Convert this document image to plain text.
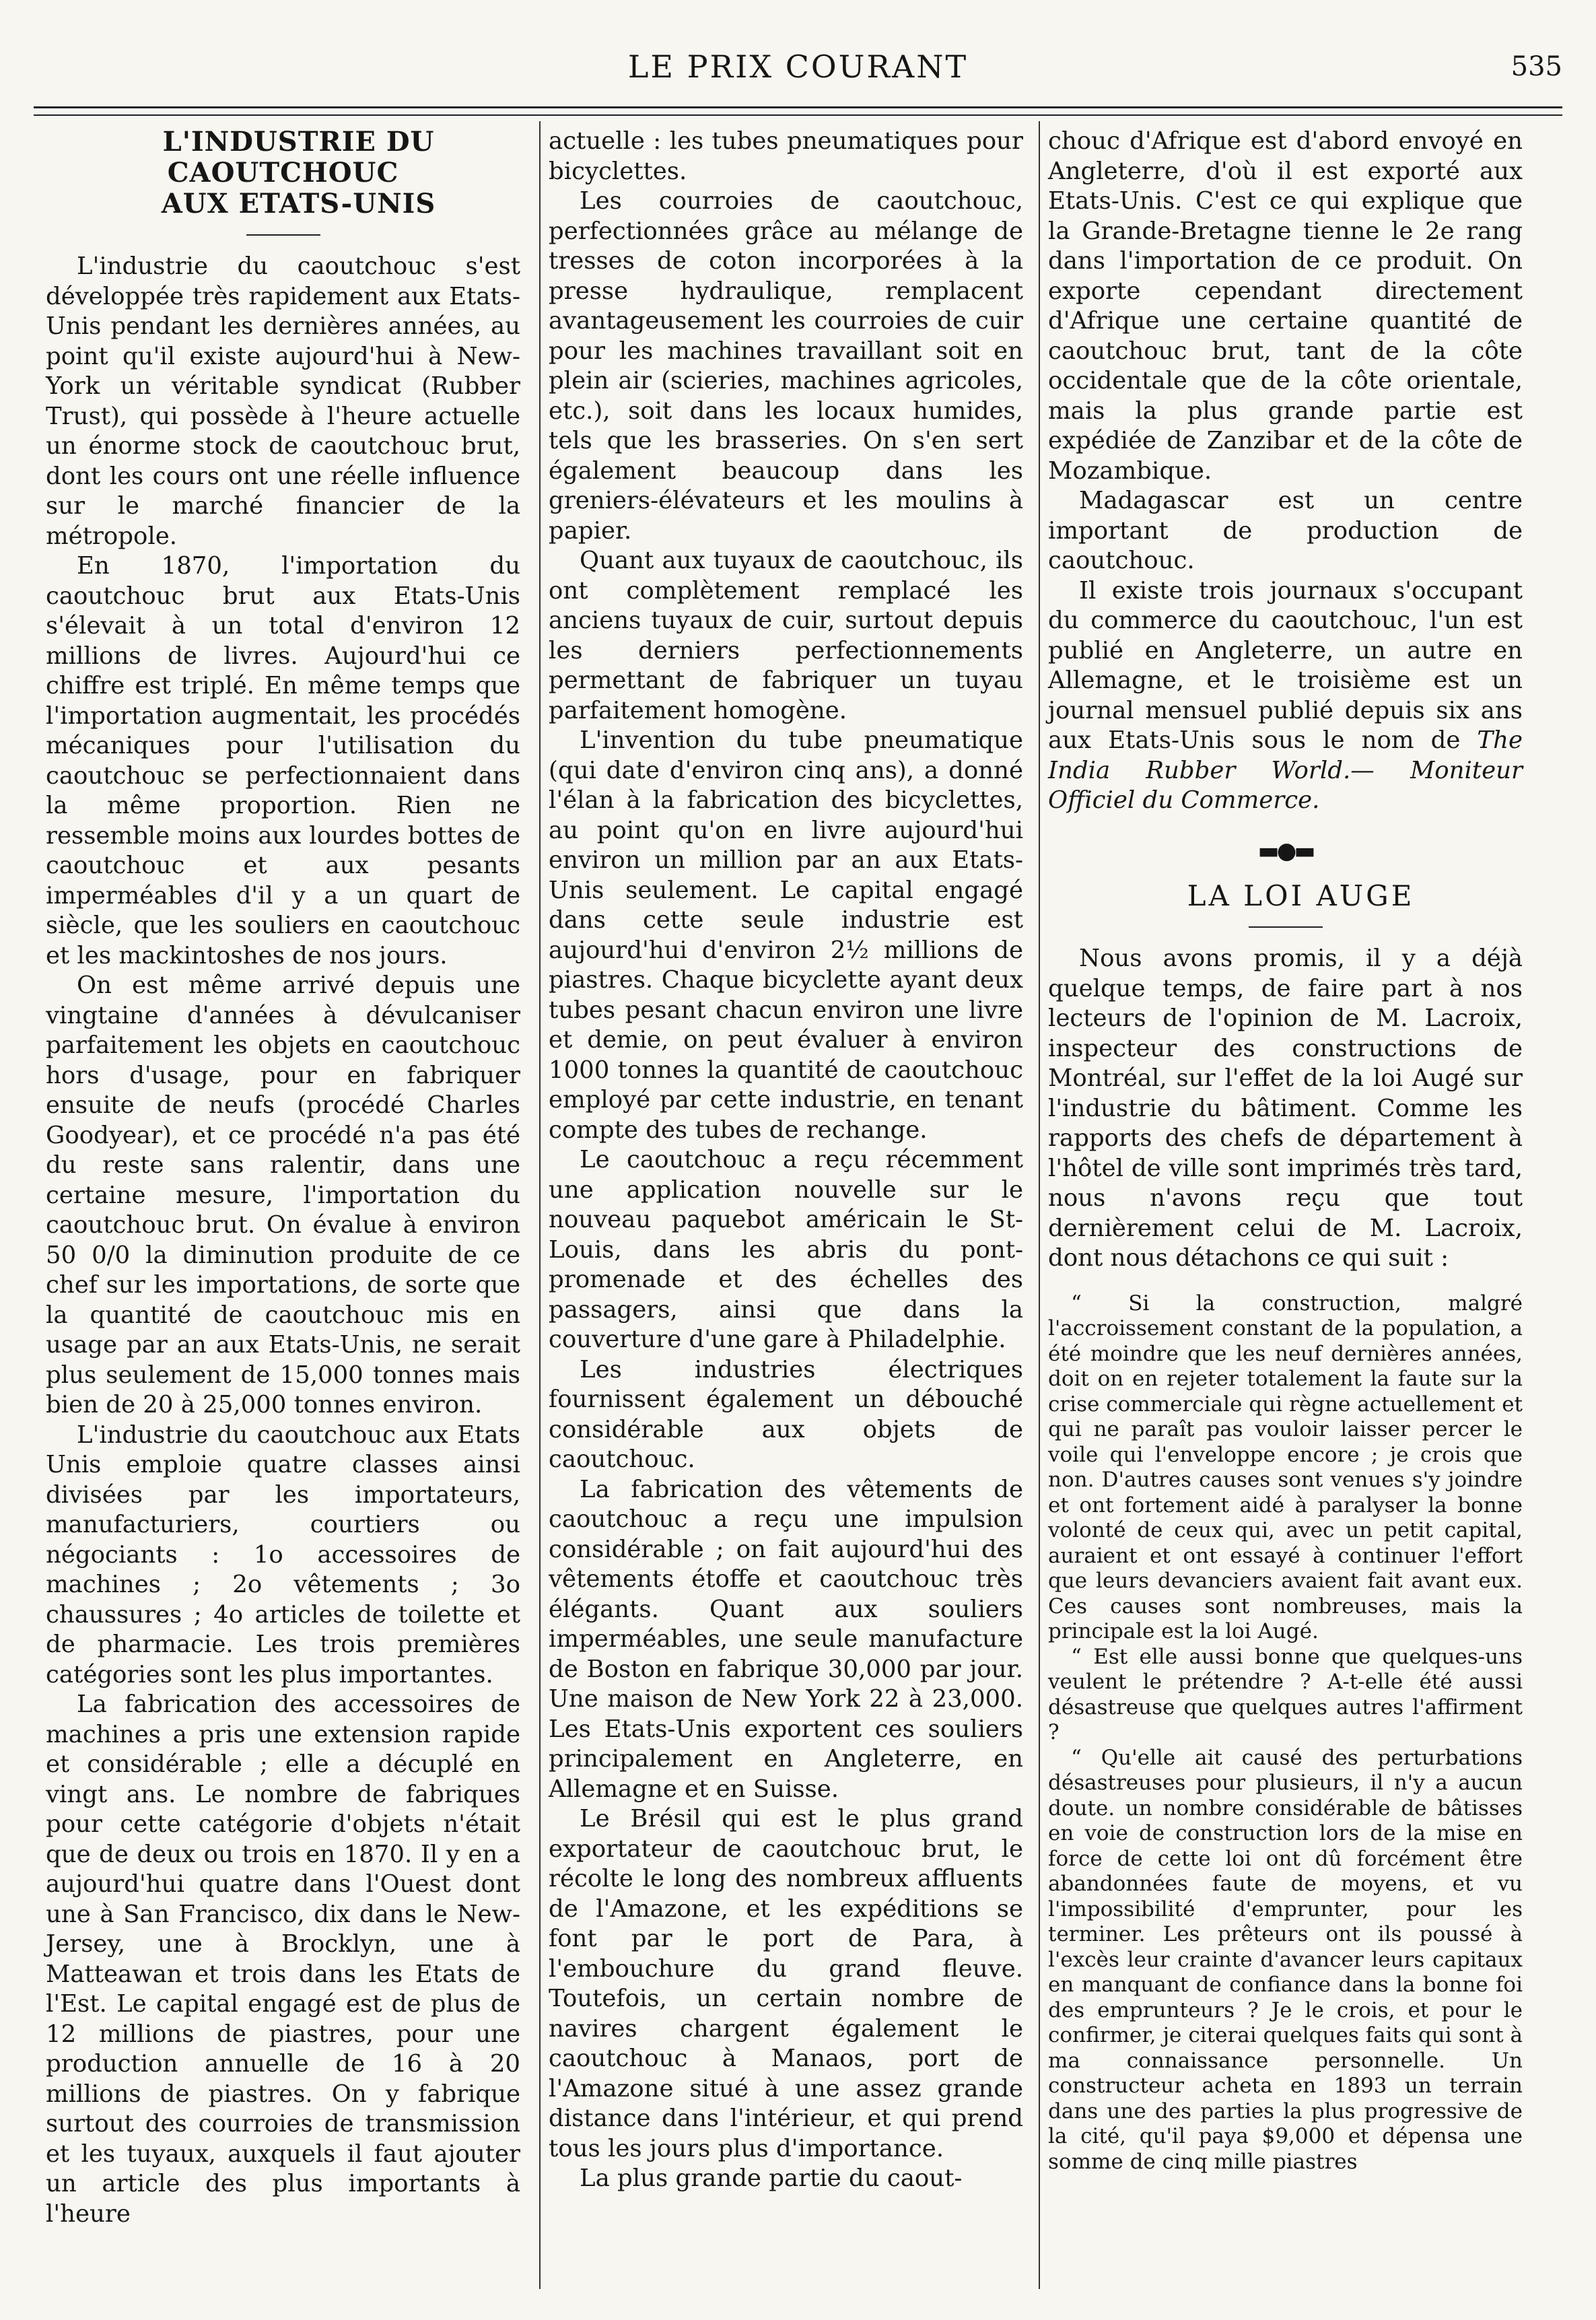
LE PRIX COURANT	535

L'INDUSTRIE DU CAOUTCHOUC

AUX ETATS-UNIS

L'industrie du caoutchouc s'est développée très rapidement aux Etats-Unis pendant les dernières années, au point qu'il existe aujourd'hui à New-York un véritable syndicat (Rubber Trust), qui possède à l'heure actuelle un énorme stock de caoutchouc brut, dont les cours ont une réelle influence sur le marché financier de la métropole.

En 1870, l'importation du caoutchouc brut aux Etats-Unis s'élevait à un total d'environ 12 millions de livres. Aujourd'hui ce chiffre est triplé. En même temps que l'importation augmentait, les procédés mécaniques pour l'utilisation du caoutchouc se perfectionnaient dans la même proportion. Rien ne ressemble moins aux lourdes bottes de caoutchouc et aux pesants imperméables d'il y a un quart de siècle, que les souliers en caoutchouc et les mackintoshes de nos jours.

On est même arrivé depuis une vingtaine d'années à dévulcaniser parfaitement les objets en caoutchouc hors d'usage, pour en fabriquer ensuite de neufs (procédé Charles Goodyear), et ce procédé n'a pas été du reste sans ralentir, dans une certaine mesure, l'importation du caoutchouc brut. On évalue à environ 50 0/0 la diminution produite de ce chef sur les importations, de sorte que la quantité de caoutchouc mis en usage par an aux Etats-Unis, ne serait plus seulement de 15,000 tonnes mais bien de 20 à 25,000 tonnes environ.

L'industrie du caoutchouc aux Etats Unis emploie quatre classes ainsi divisées par les importateurs, manufacturiers, courtiers ou négociants : 1o accessoires de machines ; 2o vêtements ; 3o chaussures ; 4o articles de toilette et de pharmacie. Les trois premières catégories sont les plus importantes.

La fabrication des accessoires de machines a pris une extension rapide et considérable ; elle a décuplé en vingt ans. Le nombre de fabriques pour cette catégorie d'objets n'était que de deux ou trois en 1870. Il y en a aujourd'hui quatre dans l'Ouest dont une à San Francisco, dix dans le New-Jersey, une à Brocklyn, une à Matteawan et trois dans les Etats de l'Est. Le capital engagé est de plus de 12 millions de piastres, pour une production annuelle de 16 à 20 millions de piastres. On y fabrique surtout des courroies de transmission et les tuyaux, auxquels il faut ajouter un article des plus importants à l'heure

actuelle : les tubes pneumatiques pour bicyclettes.

Les courroies de caoutchouc, perfectionnées grâce au mélange de tresses de coton incorporées à la presse hydraulique, remplacent avantageusement les courroies de cuir pour les machines travaillant soit en plein air (scieries, machines agricoles, etc.), soit dans les locaux humides, tels que les brasseries. On s'en sert également beaucoup dans les greniers-élévateurs et les moulins à papier.

Quant aux tuyaux de caoutchouc, ils ont complètement remplacé les anciens tuyaux de cuir, surtout depuis les derniers perfectionnements permettant de fabriquer un tuyau parfaitement homogène.

L'invention du tube pneumatique (qui date d'environ cinq ans), a donné l'élan à la fabrication des bicyclettes, au point qu'on en livre aujourd'hui environ un million par an aux Etats-Unis seulement. Le capital engagé dans cette seule industrie est aujourd'hui d'environ 2½ millions de piastres. Chaque bicyclette ayant deux tubes pesant chacun environ une livre et demie, on peut évaluer à environ 1000 tonnes la quantité de caoutchouc employé par cette industrie, en tenant compte des tubes de rechange.

Le caoutchouc a reçu récemment une application nouvelle sur le nouveau paquebot américain le St-Louis, dans les abris du pont-promenade et des échelles des passagers, ainsi que dans la couverture d'une gare à Philadelphie.

Les industries électriques fournissent également un débouché considérable aux objets de caoutchouc.

La fabrication des vêtements de caoutchouc a reçu une impulsion considérable ; on fait aujourd'hui des vêtements étoffe et caoutchouc très élégants. Quant aux souliers imperméables, une seule manufacture de Boston en fabrique 30,000 par jour. Une maison de New York 22 à 23,000. Les Etats-Unis exportent ces souliers principalement en Angleterre, en Allemagne et en Suisse.

Le Brésil qui est le plus grand exportateur de caoutchouc brut, le récolte le long des nombreux affluents de l'Amazone, et les expéditions se font par le port de Para, à l'embouchure du grand fleuve. Toutefois, un certain nombre de navires chargent également le caoutchouc à Manaos, port de l'Amazone situé à une assez grande distance dans l'intérieur, et qui prend tous les jours plus d'importance.

La plus grande partie du caout-

chouc d'Afrique est d'abord envoyé en Angleterre, d'où il est exporté aux Etats-Unis. C'est ce qui explique que la Grande-Bretagne tienne le 2e rang dans l'importation de ce produit. On exporte cependant directement d'Afrique une certaine quantité de caoutchouc brut, tant de la côte occidentale que de la côte orientale, mais la plus grande partie est expédiée de Zanzibar et de la côte de Mozambique.

Madagascar est un centre important de production de caoutchouc.

Il existe trois journaux s'occupant du commerce du caoutchouc, l'un est publié en Angleterre, un autre en Allemagne, et le troisième est un journal mensuel publié depuis six ans aux Etats-Unis sous le nom de The India Rubber World.— Moniteur Officiel du Commerce.

▬●▬

LA LOI AUGE

Nous avons promis, il y a déjà quelque temps, de faire part à nos lecteurs de l'opinion de M. Lacroix, inspecteur des constructions de Montréal, sur l'effet de la loi Augé sur l'industrie du bâtiment. Comme les rapports des chefs de département à l'hôtel de ville sont imprimés très tard, nous n'avons reçu que tout dernièrement celui de M. Lacroix, dont nous détachons ce qui suit :

“ Si la construction, malgré l'accroissement constant de la population, a été moindre que les neuf dernières années, doit on en rejeter totalement la faute sur la crise commerciale qui règne actuellement et qui ne paraît pas vouloir laisser percer le voile qui l'enveloppe encore ; je crois que non. D'autres causes sont venues s'y joindre et ont fortement aidé à paralyser la bonne volonté de ceux qui, avec un petit capital, auraient et ont essayé à continuer l'effort que leurs devanciers avaient fait avant eux. Ces causes sont nombreuses, mais la principale est la loi Augé.

“ Est elle aussi bonne que quelques-uns veulent le prétendre ? A-t-elle été aussi désastreuse que quelques autres l'affirment ?

“ Qu'elle ait causé des perturbations désastreuses pour plusieurs, il n'y a aucun doute. un nombre considérable de bâtisses en voie de construction lors de la mise en force de cette loi ont dû forcément être abandonnées faute de moyens, et vu l'impossibilité d'emprunter, pour les terminer. Les prêteurs ont ils poussé à l'excès leur crainte d'avancer leurs capitaux en manquant de confiance dans la bonne foi des emprunteurs ? Je le crois, et pour le confirmer, je citerai quelques faits qui sont à ma connaissance personnelle. Un constructeur acheta en 1893 un terrain dans une des parties la plus progressive de la cité, qu'il paya $9,000 et dépensa une somme de cinq mille piastres
